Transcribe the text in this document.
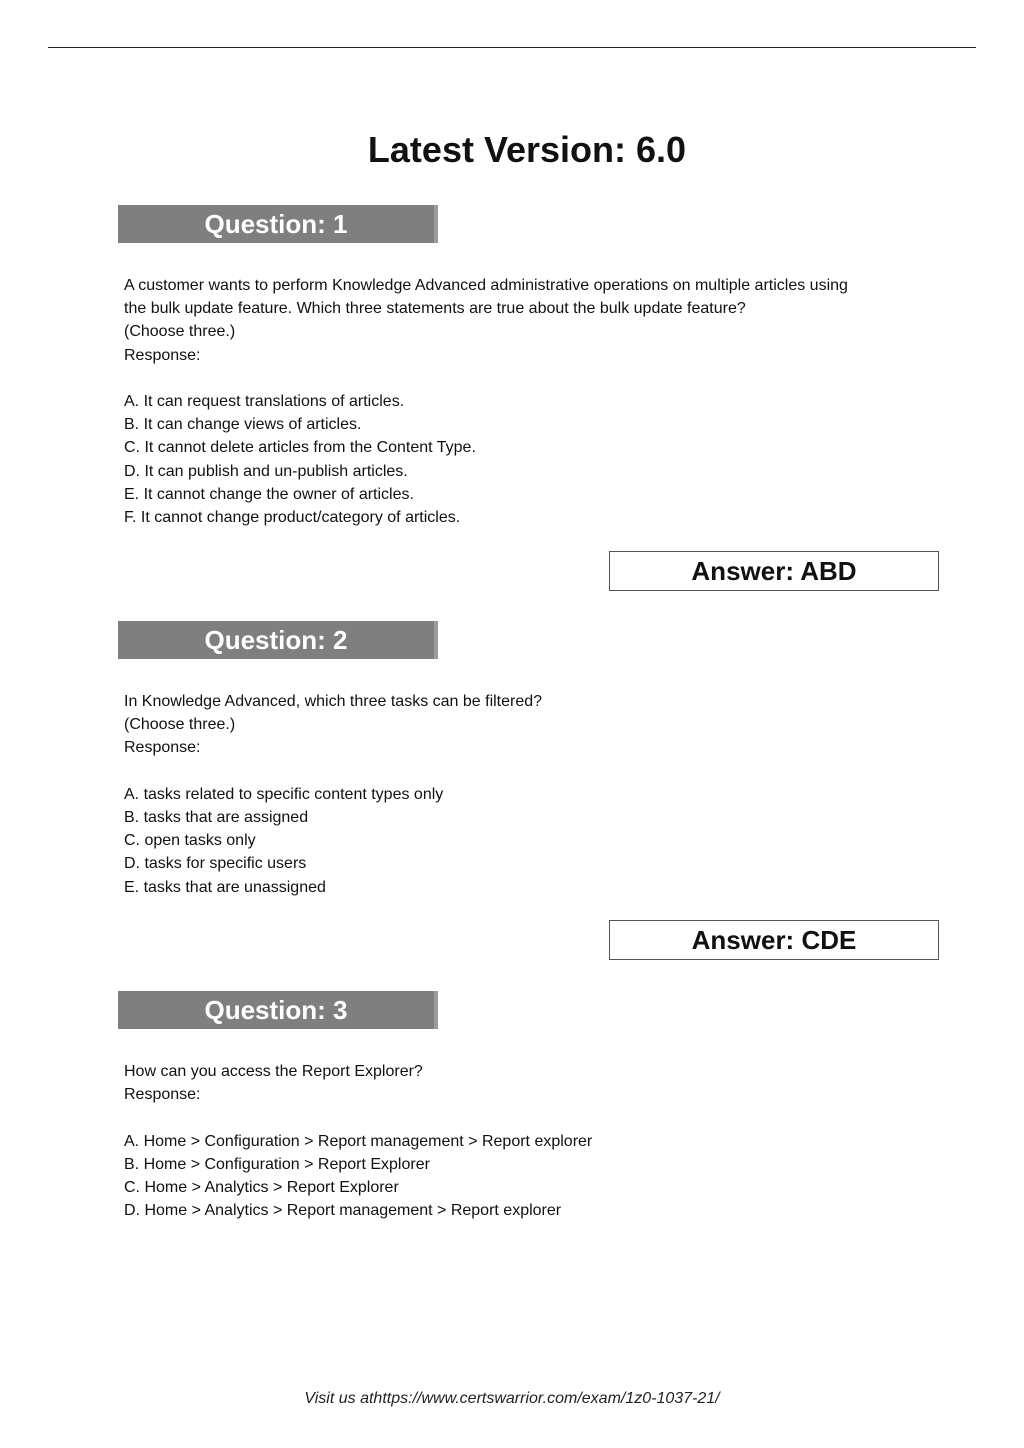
Latest Version: 6.0
Question: 1
A customer wants to perform Knowledge Advanced administrative operations on multiple articles using
the bulk update feature. Which three statements are true about the bulk update feature?
(Choose three.)
Response:
A. It can request translations of articles.
B. It can change views of articles.
C. It cannot delete articles from the Content Type.
D. It can publish and un-publish articles.
E. It cannot change the owner of articles.
F. It cannot change product/category of articles.
Answer: ABD
Question: 2
In Knowledge Advanced, which three tasks can be filtered?
(Choose three.)
Response:
A. tasks related to specific content types only
B. tasks that are assigned
C. open tasks only
D. tasks for specific users
E. tasks that are unassigned
Answer: CDE
Question: 3
How can you access the Report Explorer?
Response:
A. Home > Configuration > Report management > Report explorer
B. Home > Configuration > Report Explorer
C. Home > Analytics > Report Explorer
D. Home > Analytics > Report management > Report explorer
Visit us athttps://www.certswarrior.com/exam/1z0-1037-21/
